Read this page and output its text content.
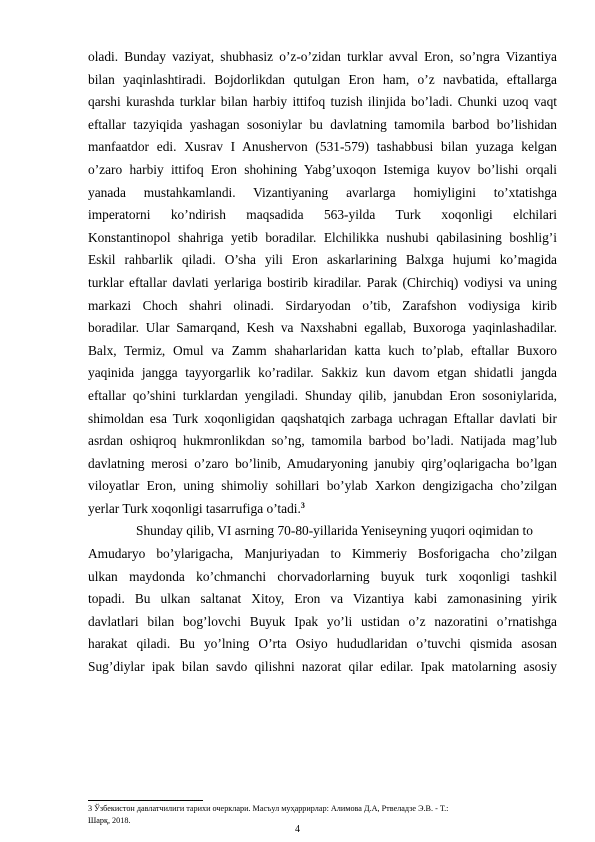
oladi. Bunday vaziyat, shubhasiz o’z-o’zidan turklar avval Eron, so’ngra Vizantiya
bilan yaqinlashtiradi. Bojdorlikdan qutulgan Eron ham, o’z navbatida, eftallarga
qarshi kurashda turklar bilan harbiy ittifoq tuzish ilinjida bo’ladi. Chunki uzoq vaqt
eftallar tazyiqida yashagan sosoniylar bu davlatning tamomila barbod bo’lishidan
manfaatdor edi. Xusrav I Anushervon (531-579) tashabbusi bilan yuzaga kelgan
o’zaro harbiy ittifoq Eron shohining Yabg’uxoqon Istemiga kuyov bo’lishi orqali
yanada mustahkamlandi. Vizantiyaning avarlarga homiyligini to’xtatishga
imperatorni ko’ndirish maqsadida 563-yilda Turk xoqonligi elchilari
Konstantinopol shahriga yetib boradilar. Elchilikka nushubi qabilasining boshlig’i
Eskil rahbarlik qiladi. O’sha yili Eron askarlarining Balxga hujumi ko’magida
turklar eftallar davlati yerlariga bostirib kiradilar. Parak (Chirchiq) vodiysi va uning
markazi Choch shahri olinadi. Sirdaryodan o’tib, Zarafshon vodiysiga kirib
boradilar. Ular Samarqand, Kesh va Naxshabni egallab, Buxoroga yaqinlashadilar.
Balx, Termiz, Omul va Zamm shaharlaridan katta kuch to’plab, eftallar Buxoro
yaqinida jangga tayyorgarlik ko’radilar. Sakkiz kun davom etgan shidatli jangda
eftallar qo’shini turklardan yengiladi. Shunday qilib, janubdan Eron sosoniylarida,
shimoldan esa Turk xoqonligidan qaqshatqich zarbaga uchragan Eftallar davlati bir
asrdan oshiqroq hukmronlikdan so’ng, tamomila barbod bo’ladi. Natijada mag’lub
davlatning merosi o’zaro bo’linib, Amudaryoning janubiy qirg’oqlarigacha bo’lgan
viloyatlar Eron, uning shimoliy sohillari bo’ylab Xarkon dengizigacha cho’zilgan
yerlar Turk xoqonligi tasarrufiga o’tadi.$^3$
Shunday qilib, VI asrning 70-80-yillarida Yeniseyning yuqori oqimidan to
Amudaryo bo’ylarigacha, Manjuriyadan to Kimmeriy Bosforigacha cho’zilgan
ulkan maydonda ko’chmanchi chorvadorlarning buyuk turk xoqonligi tashkil
topadi. Bu ulkan saltanat Xitoy, Eron va Vizantiya kabi zamonasining yirik
davlatlari bilan bog’lovchi Buyuk Ipak yo’li ustidan o’z nazoratini o’rnatishga
harakat qiladi. Bu yo’lning O’rta Osiyo hududlaridan o’tuvchi qismida asosan
Sug’diylar ipak bilan savdo qilishni nazorat qilar edilar. Ipak matolarning asosiy
3 Ўзбекистон давлатчилиги тарихи очерклари. Масъул муҳаррирлар: Алимова Д.А, Ртвеладзе Э.В. - Т.:
Шарқ, 2018.
4
